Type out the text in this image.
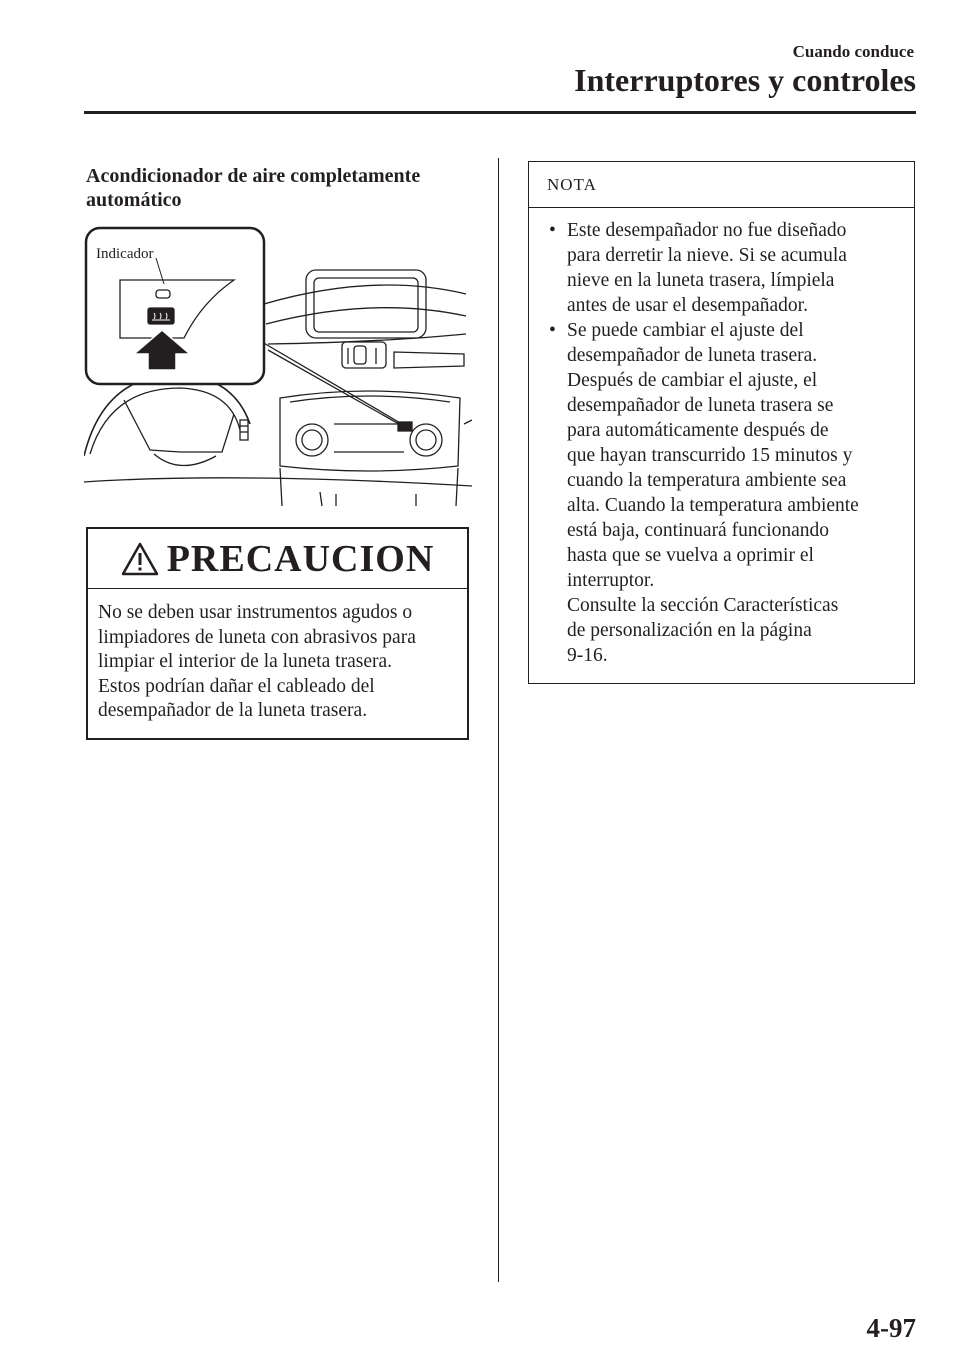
Cuando conduce
Interruptores y controles
Acondicionador de aire completamente
automático
Indicador
PRECAUCION
No se deben usar instrumentos agudos o
limpiadores de luneta con abrasivos para
limpiar el interior de la luneta trasera.
Estos podrían dañar el cableado del
desempañador de la luneta trasera.
NOTA
• Este desempañador no fue diseñado
para derretir la nieve. Si se acumula
nieve en la luneta trasera, límpiela
antes de usar el desempañador.
• Se puede cambiar el ajuste del
desempañador de luneta trasera.
Después de cambiar el ajuste, el
desempañador de luneta trasera se
para automáticamente después de
que hayan transcurrido 15 minutos y
cuando la temperatura ambiente sea
alta. Cuando la temperatura ambiente
está baja, continuará funcionando
hasta que se vuelva a oprimir el
interruptor.
Consulte la sección Características
de personalización en la página
9-16.
4-97
